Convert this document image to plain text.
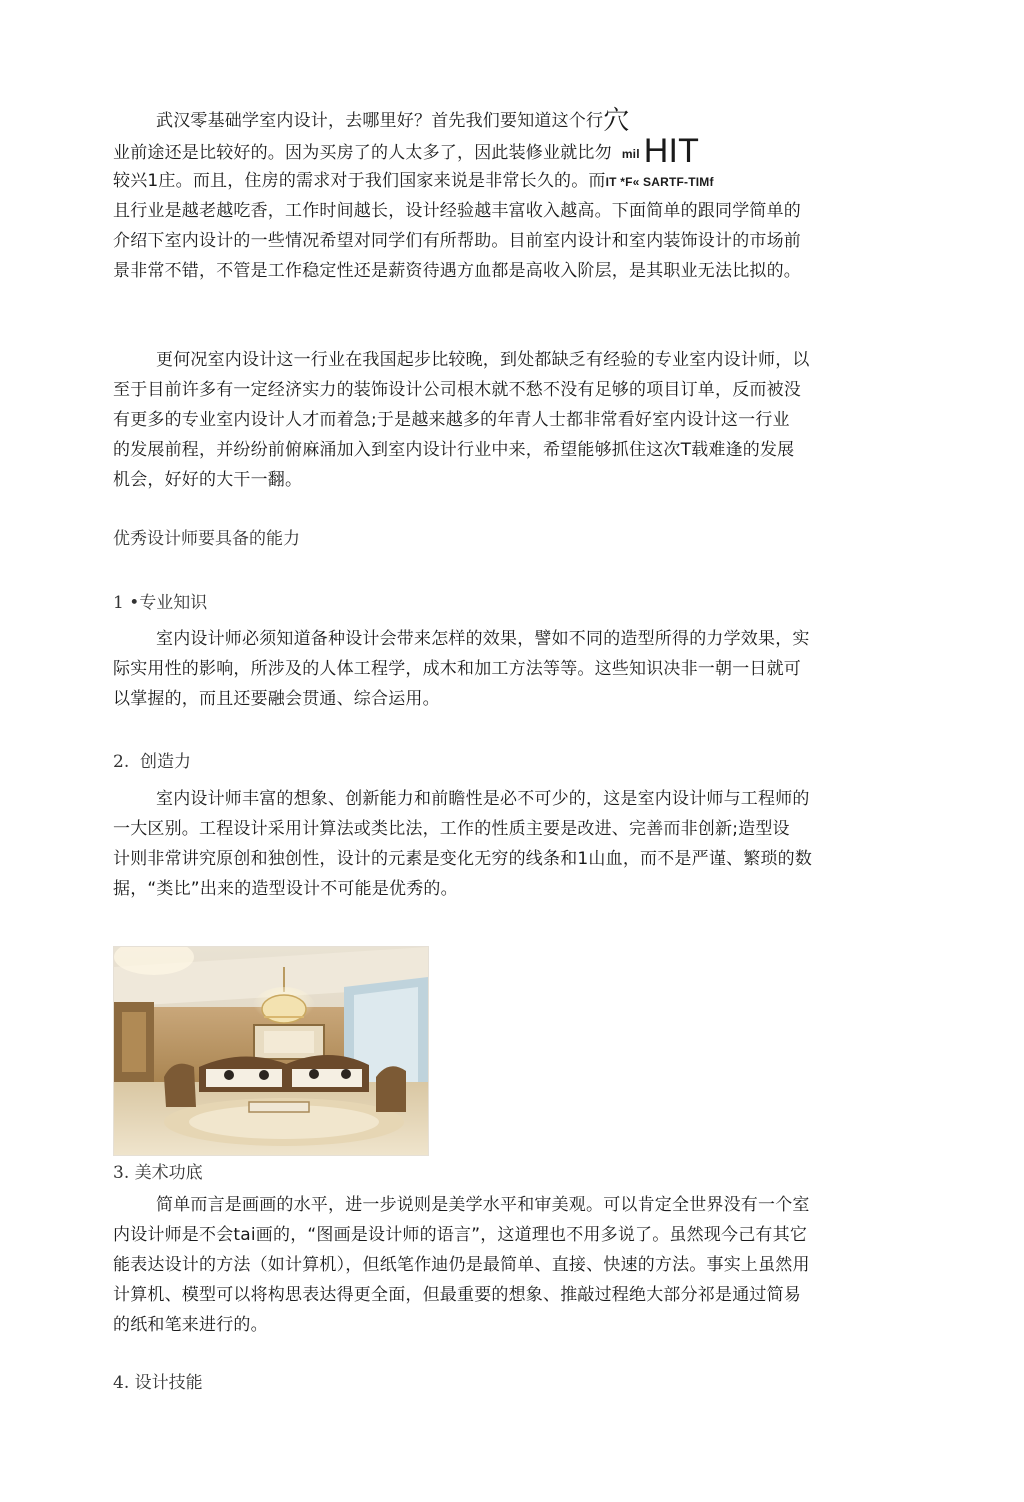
武汉零基础学室内设计，去哪里好？首先我们要知道这个行穴
业前途还是比较好的。因为买房了的人太多了，因此装修业就比勿 mil HIT
较兴1庄。而且，住房的需求对于我们国家来说是非常长久的。而IT *F« SARTF-TIMf
且行业是越老越吃香，工作时间越长，设计经验越丰富收入越高。下面简单的跟同学简单的
介绍下室内设计的一些情况希望对同学们有所帮助。目前室内设计和室内装饰设计的市场前
景非常不错，不管是工作稳定性还是薪资待遇方血都是高收入阶层，是其职业无法比拟的。
更何况室内设计这一行业在我国起步比较晚，到处都缺乏有经验的专业室内设计师，以
至于目前许多有一定经济实力的装饰设计公司根木就不愁不没有足够的项目订单，反而被没
有更多的专业室内设计人才而着急;于是越来越多的年青人士都非常看好室内设计这一行业
的发展前程，并纷纷前俯麻涌加入到室内设计行业中来，希望能够抓住这次T载难逢的发展
机会，好好的大干一翻。
优秀设计师要具备的能力
1 •专业知识
室内设计师必须知道备种设计会带来怎样的效果，譬如不同的造型所得的力学效果，实
际实用性的影响，所涉及的人体工程学，成木和加工方法等等。这些知识决非一朝一日就可
以掌握的，而且还要融会贯通、综合运用。
2.  创造力
室内设计师丰富的想象、创新能力和前瞻性是必不可少的，这是室内设计师与工程师的
一大区别。工程设计采用计算法或类比法，工作的性质主要是改进、完善而非创新;造型设
计则非常讲究原创和独创性，设计的元素是变化无穷的线条和1山血，而不是严谨、繁琐的数
据，“类比”出来的造型设计不可能是优秀的。
3. 美术功底
简单而言是画画的水平，进一步说则是美学水平和审美观。可以肯定全世界没有一个室
内设计师是不会tai画的，“图画是设计师的语言”，这道理也不用多说了。虽然现今己有其它
能表达设计的方法（如计算机），但纸笔作迪仍是最简单、直接、快速的方法。事实上虽然用
计算机、模型可以将构思表达得更全面，但最重要的想象、推敲过程绝大部分祁是通过简易
的纸和笔来进行的。
4. 设计技能
